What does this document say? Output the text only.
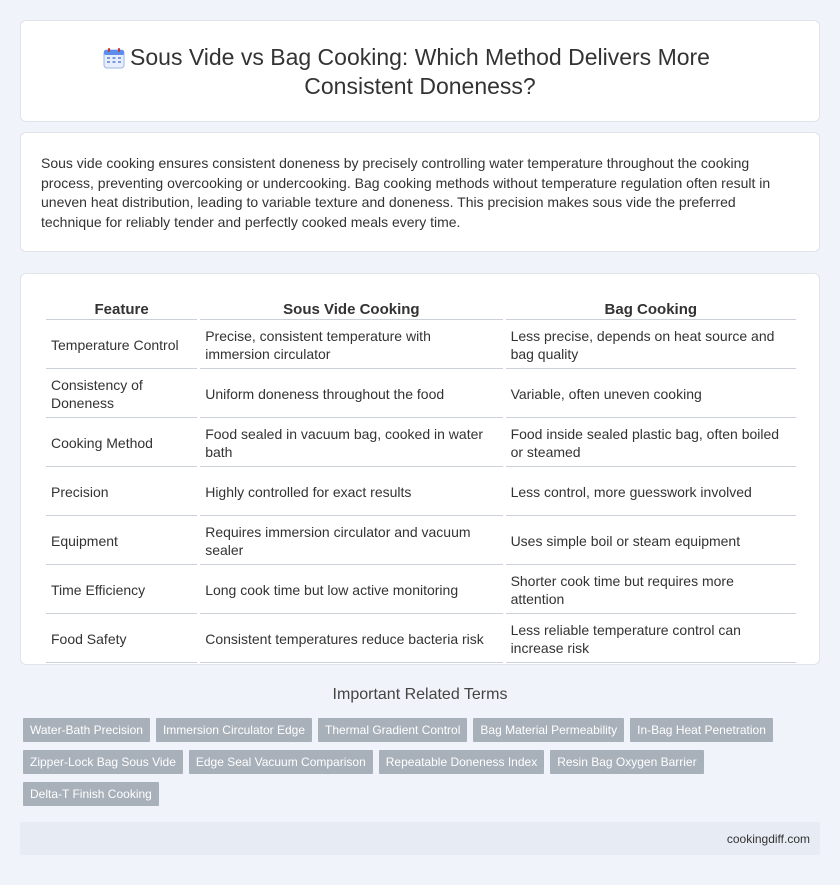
Sous Vide vs Bag Cooking: Which Method Delivers More
Consistent Doneness?

Sous vide cooking ensures consistent doneness by precisely controlling water temperature throughout the cooking process, preventing overcooking or undercooking. Bag cooking methods without temperature regulation often result in uneven heat distribution, leading to variable texture and doneness. This precision makes sous vide the preferred technique for reliably tender and perfectly cooked meals every time.

Feature	Sous Vide Cooking	Bag Cooking
Temperature Control	Precise, consistent temperature with immersion circulator	Less precise, depends on heat source and bag quality
Consistency of Doneness	Uniform doneness throughout the food	Variable, often uneven cooking
Cooking Method	Food sealed in vacuum bag, cooked in water bath	Food inside sealed plastic bag, often boiled or steamed
Precision	Highly controlled for exact results	Less control, more guesswork involved
Equipment	Requires immersion circulator and vacuum sealer	Uses simple boil or steam equipment
Time Efficiency	Long cook time but low active monitoring	Shorter cook time but requires more attention
Food Safety	Consistent temperatures reduce bacteria risk	Less reliable temperature control can increase risk
Important Related Terms
Water-Bath Precision Immersion Circulator Edge Thermal Gradient Control Bag Material Permeability In-Bag Heat PenetrationZipper-Lock Bag Sous Vide Edge Seal Vacuum Comparison Repeatable Doneness Index Resin Bag Oxygen BarrierDelta-T Finish Cooking
cookingdiff.com
